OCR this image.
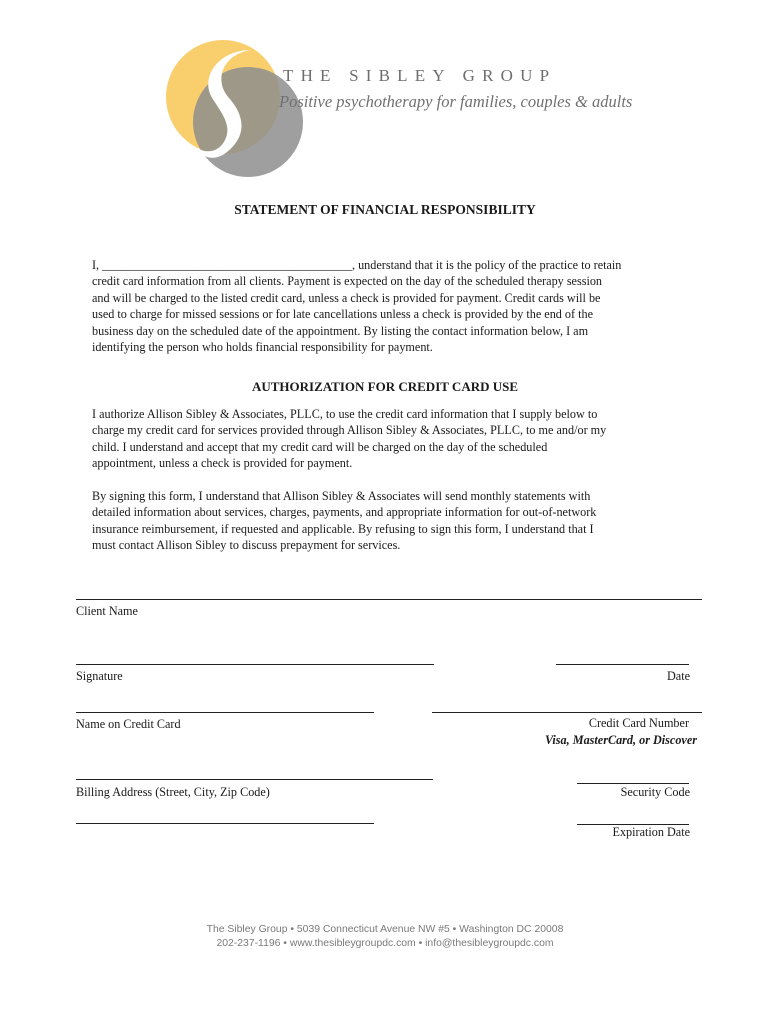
THE SIBLEY GROUP
Positive psychotherapy for families, couples & adults
STATEMENT OF FINANCIAL RESPONSIBILITY
I, _________________________________________, understand that it is the policy of the practice to retain
credit card information from all clients. Payment is expected on the day of the scheduled therapy session
and will be charged to the listed credit card, unless a check is provided for payment. Credit cards will be
used to charge for missed sessions or for late cancellations unless a check is provided by the end of the
business day on the scheduled date of the appointment. By listing the contact information below, I am
identifying the person who holds financial responsibility for payment.
AUTHORIZATION FOR CREDIT CARD USE
I authorize Allison Sibley & Associates, PLLC, to use the credit card information that I supply below to
charge my credit card for services provided through Allison Sibley & Associates, PLLC, to me and/or my
child. I understand and accept that my credit card will be charged on the day of the scheduled
appointment, unless a check is provided for payment.
By signing this form, I understand that Allison Sibley & Associates will send monthly statements with
detailed information about services, charges, payments, and appropriate information for out-of-network
insurance reimbursement, if requested and applicable. By refusing to sign this form, I understand that I
must contact Allison Sibley to discuss prepayment for services.
Client Name
Signature	Date
Name on Credit Card	Credit Card Number
Visa, MasterCard, or Discover
Billing Address (Street, City, Zip Code)	Security Code
Expiration Date
The Sibley Group • 5039 Connecticut Avenue NW #5 • Washington DC 20008
202-237-1196 • www.thesibleygroupdc.com • info@thesibleygroupdc.com
